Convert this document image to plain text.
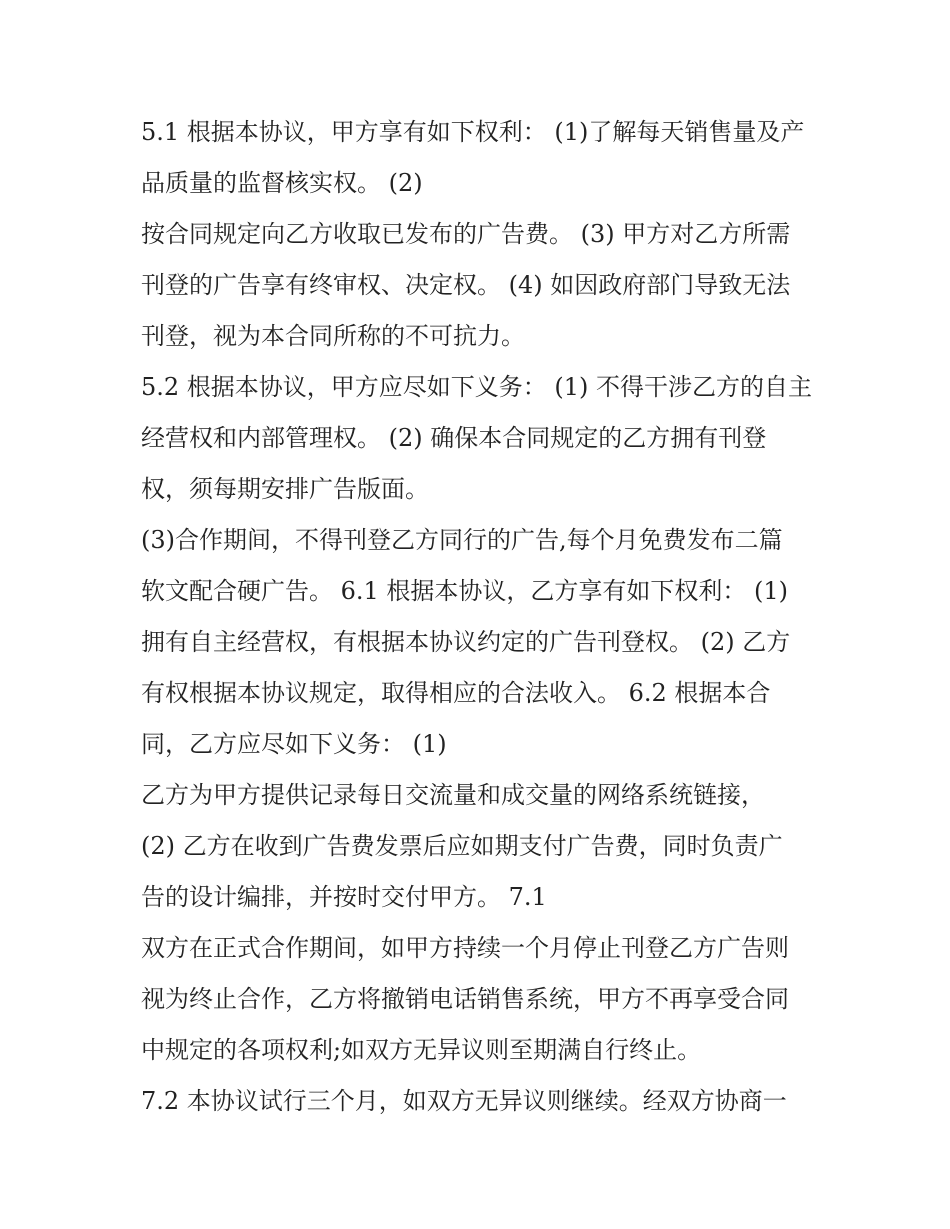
5.1 根据本协议，甲方享有如下权利： (1)了解每天销售量及产
品质量的监督核实权。 (2)
按合同规定向乙方收取已发布的广告费。 (3) 甲方对乙方所需
刊登的广告享有终审权、决定权。 (4) 如因政府部门导致无法
刊登，视为本合同所称的不可抗力。
5.2 根据本协议，甲方应尽如下义务： (1) 不得干涉乙方的自主
经营权和内部管理权。 (2) 确保本合同规定的乙方拥有刊登
权，须每期安排广告版面。
(3)合作期间，不得刊登乙方同行的广告,每个月免费发布二篇
软文配合硬广告。 6.1 根据本协议，乙方享有如下权利： (1)
拥有自主经营权，有根据本协议约定的广告刊登权。 (2) 乙方
有权根据本协议规定，取得相应的合法收入。 6.2 根据本合
同，乙方应尽如下义务： (1)
乙方为甲方提供记录每日交流量和成交量的网络系统链接，
(2) 乙方在收到广告费发票后应如期支付广告费，同时负责广
告的设计编排，并按时交付甲方。 7.1
双方在正式合作期间，如甲方持续一个月停止刊登乙方广告则
视为终止合作，乙方将撤销电话销售系统，甲方不再享受合同
中规定的各项权利;如双方无异议则至期满自行终止。
7.2 本协议试行三个月，如双方无异议则继续。经双方协商一
